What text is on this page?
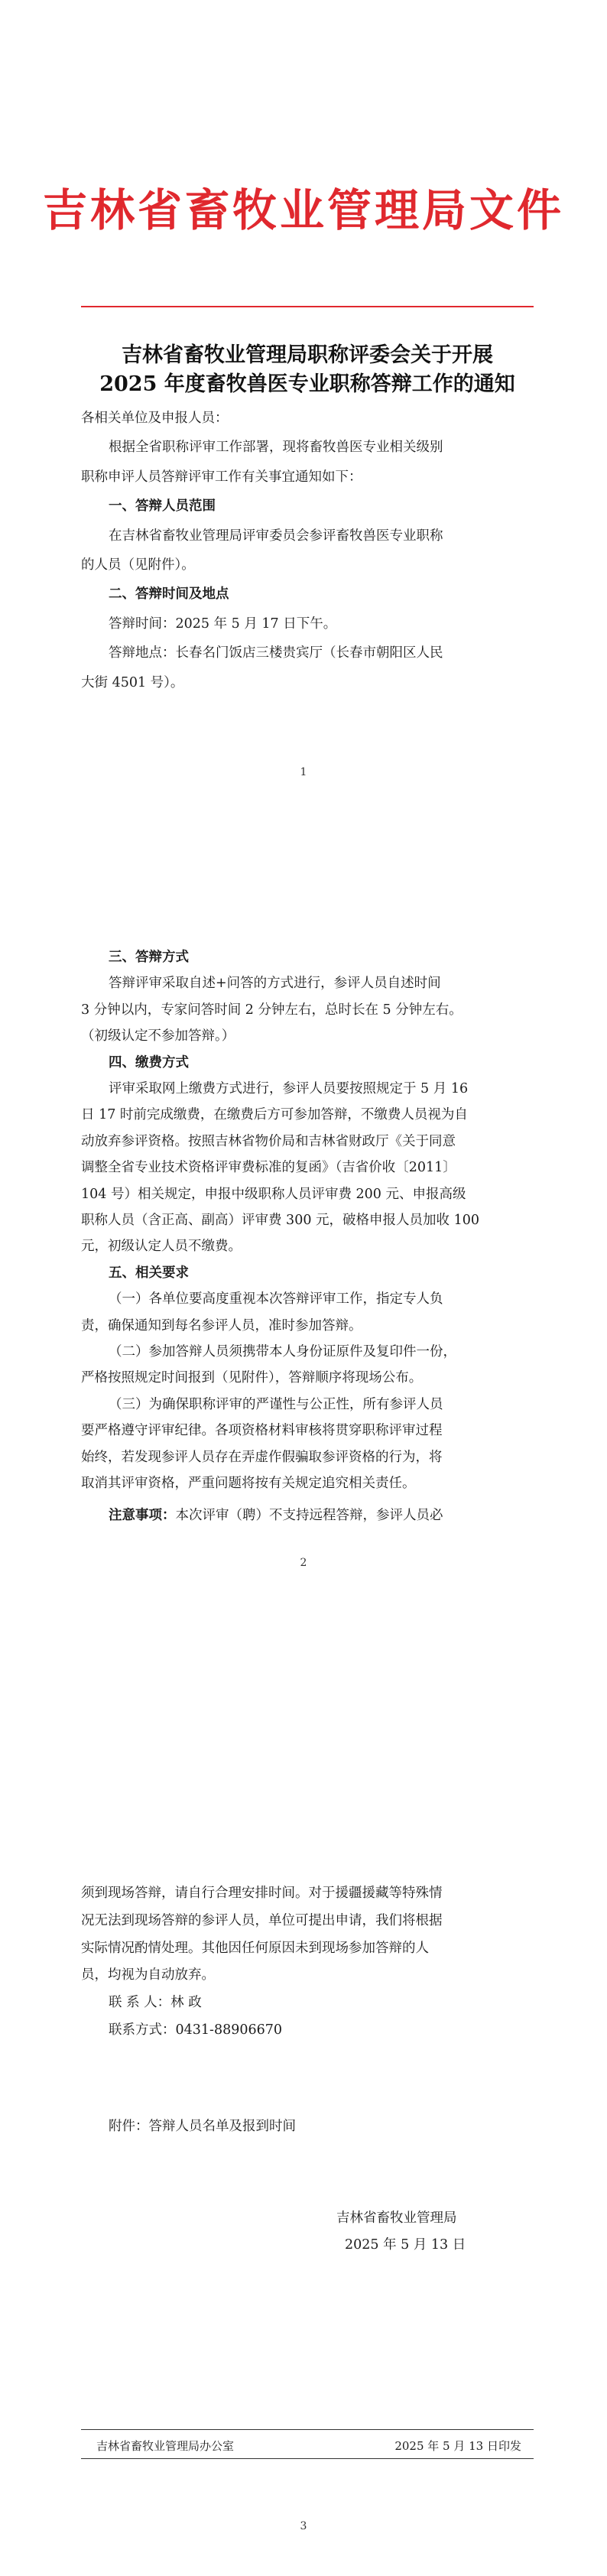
吉林省畜牧业管理局文件
吉林省畜牧业管理局职称评委会关于开展
2025 年度畜牧兽医专业职称答辩工作的通知
各相关单位及申报人员：
根据全省职称评审工作部署，现将畜牧兽医专业相关级别
职称申评人员答辩评审工作有关事宜通知如下：
一、答辩人员范围
在吉林省畜牧业管理局评审委员会参评畜牧兽医专业职称
的人员（见附件）。
二、答辩时间及地点
答辩时间：2025 年 5 月 17 日下午。
答辩地点：长春名门饭店三楼贵宾厅（长春市朝阳区人民
大街 4501 号）。
1
三、答辩方式
答辩评审采取自述+问答的方式进行，参评人员自述时间
3 分钟以内，专家问答时间 2 分钟左右，总时长在 5 分钟左右。
（初级认定不参加答辩。）
四、缴费方式
评审采取网上缴费方式进行，参评人员要按照规定于 5 月 16
日 17 时前完成缴费，在缴费后方可参加答辩，不缴费人员视为自
动放弃参评资格。按照吉林省物价局和吉林省财政厅《关于同意
调整全省专业技术资格评审费标准的复函》（吉省价收〔2011〕
104 号）相关规定，申报中级职称人员评审费 200 元、申报高级
职称人员（含正高、副高）评审费 300 元，破格申报人员加收 100
元，初级认定人员不缴费。
五、相关要求
（一）各单位要高度重视本次答辩评审工作，指定专人负
责，确保通知到每名参评人员，准时参加答辩。
（二）参加答辩人员须携带本人身份证原件及复印件一份，
严格按照规定时间报到（见附件），答辩顺序将现场公布。
（三）为确保职称评审的严谨性与公正性，所有参评人员
要严格遵守评审纪律。各项资格材料审核将贯穿职称评审过程
始终，若发现参评人员存在弄虚作假骗取参评资格的行为，将
取消其评审资格，严重问题将按有关规定追究相关责任。
注意事项：本次评审（聘）不支持远程答辩，参评人员必
2
须到现场答辩，请自行合理安排时间。对于援疆援藏等特殊情
况无法到现场答辩的参评人员，单位可提出申请，我们将根据
实际情况酌情处理。其他因任何原因未到现场参加答辩的人
员，均视为自动放弃。
联 系 人：林 政
联系方式：0431-88906670
附件：答辩人员名单及报到时间
吉林省畜牧业管理局
2025 年 5 月 13 日
吉林省畜牧业管理局办公室	2025 年 5 月 13 日印发
3
